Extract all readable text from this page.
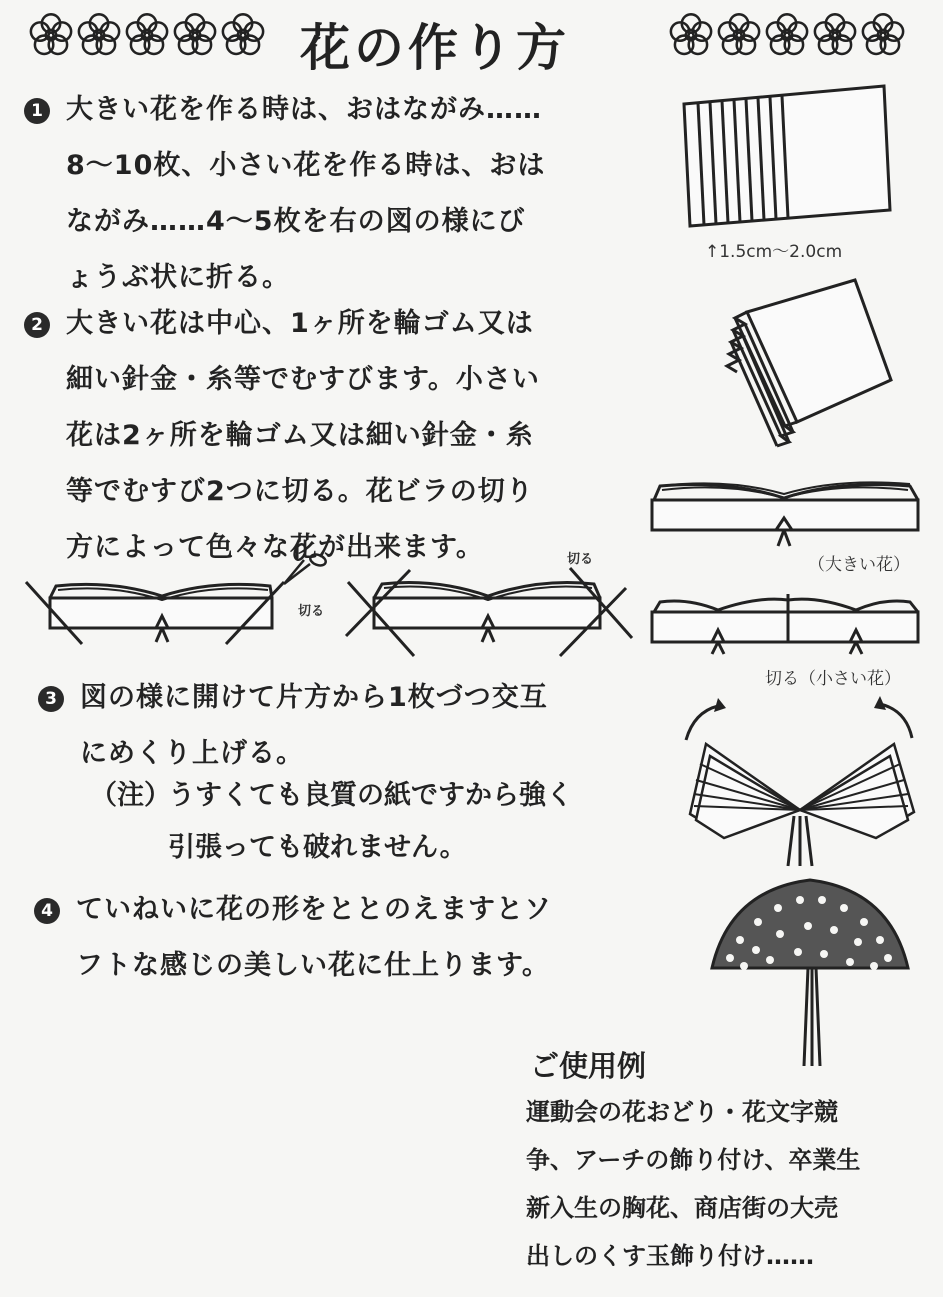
花の作り方
1 大きい花を作る時は、おはながみ……
8〜10枚、小さい花を作る時は、おは
ながみ……4〜5枚を右の図の様にび
ょうぶ状に折る。
2 大きい花は中心、1ヶ所を輪ゴム又は
細い針金・糸等でむすびます。小さい
花は2ヶ所を輪ゴム又は細い針金・糸
等でむすび2つに切る。花ビラの切り
方によって色々な花が出来ます。
3 図の様に開けて片方から1枚づつ交互
にめくり上げる。
（注）
うすくても良質の紙ですから強く
引張っても破れません。
4 ていねいに花の形をととのえますとソ
フトな感じの美しい花に仕上ります。
↑1.5cm〜2.0cm
（大きい花）
切る（小さい花）
切る
切る
ご使用例
運動会の花おどり・花文字競
争、アーチの飾り付け、卒業生
新入生の胸花、商店街の大売
出しのくす玉飾り付け……
